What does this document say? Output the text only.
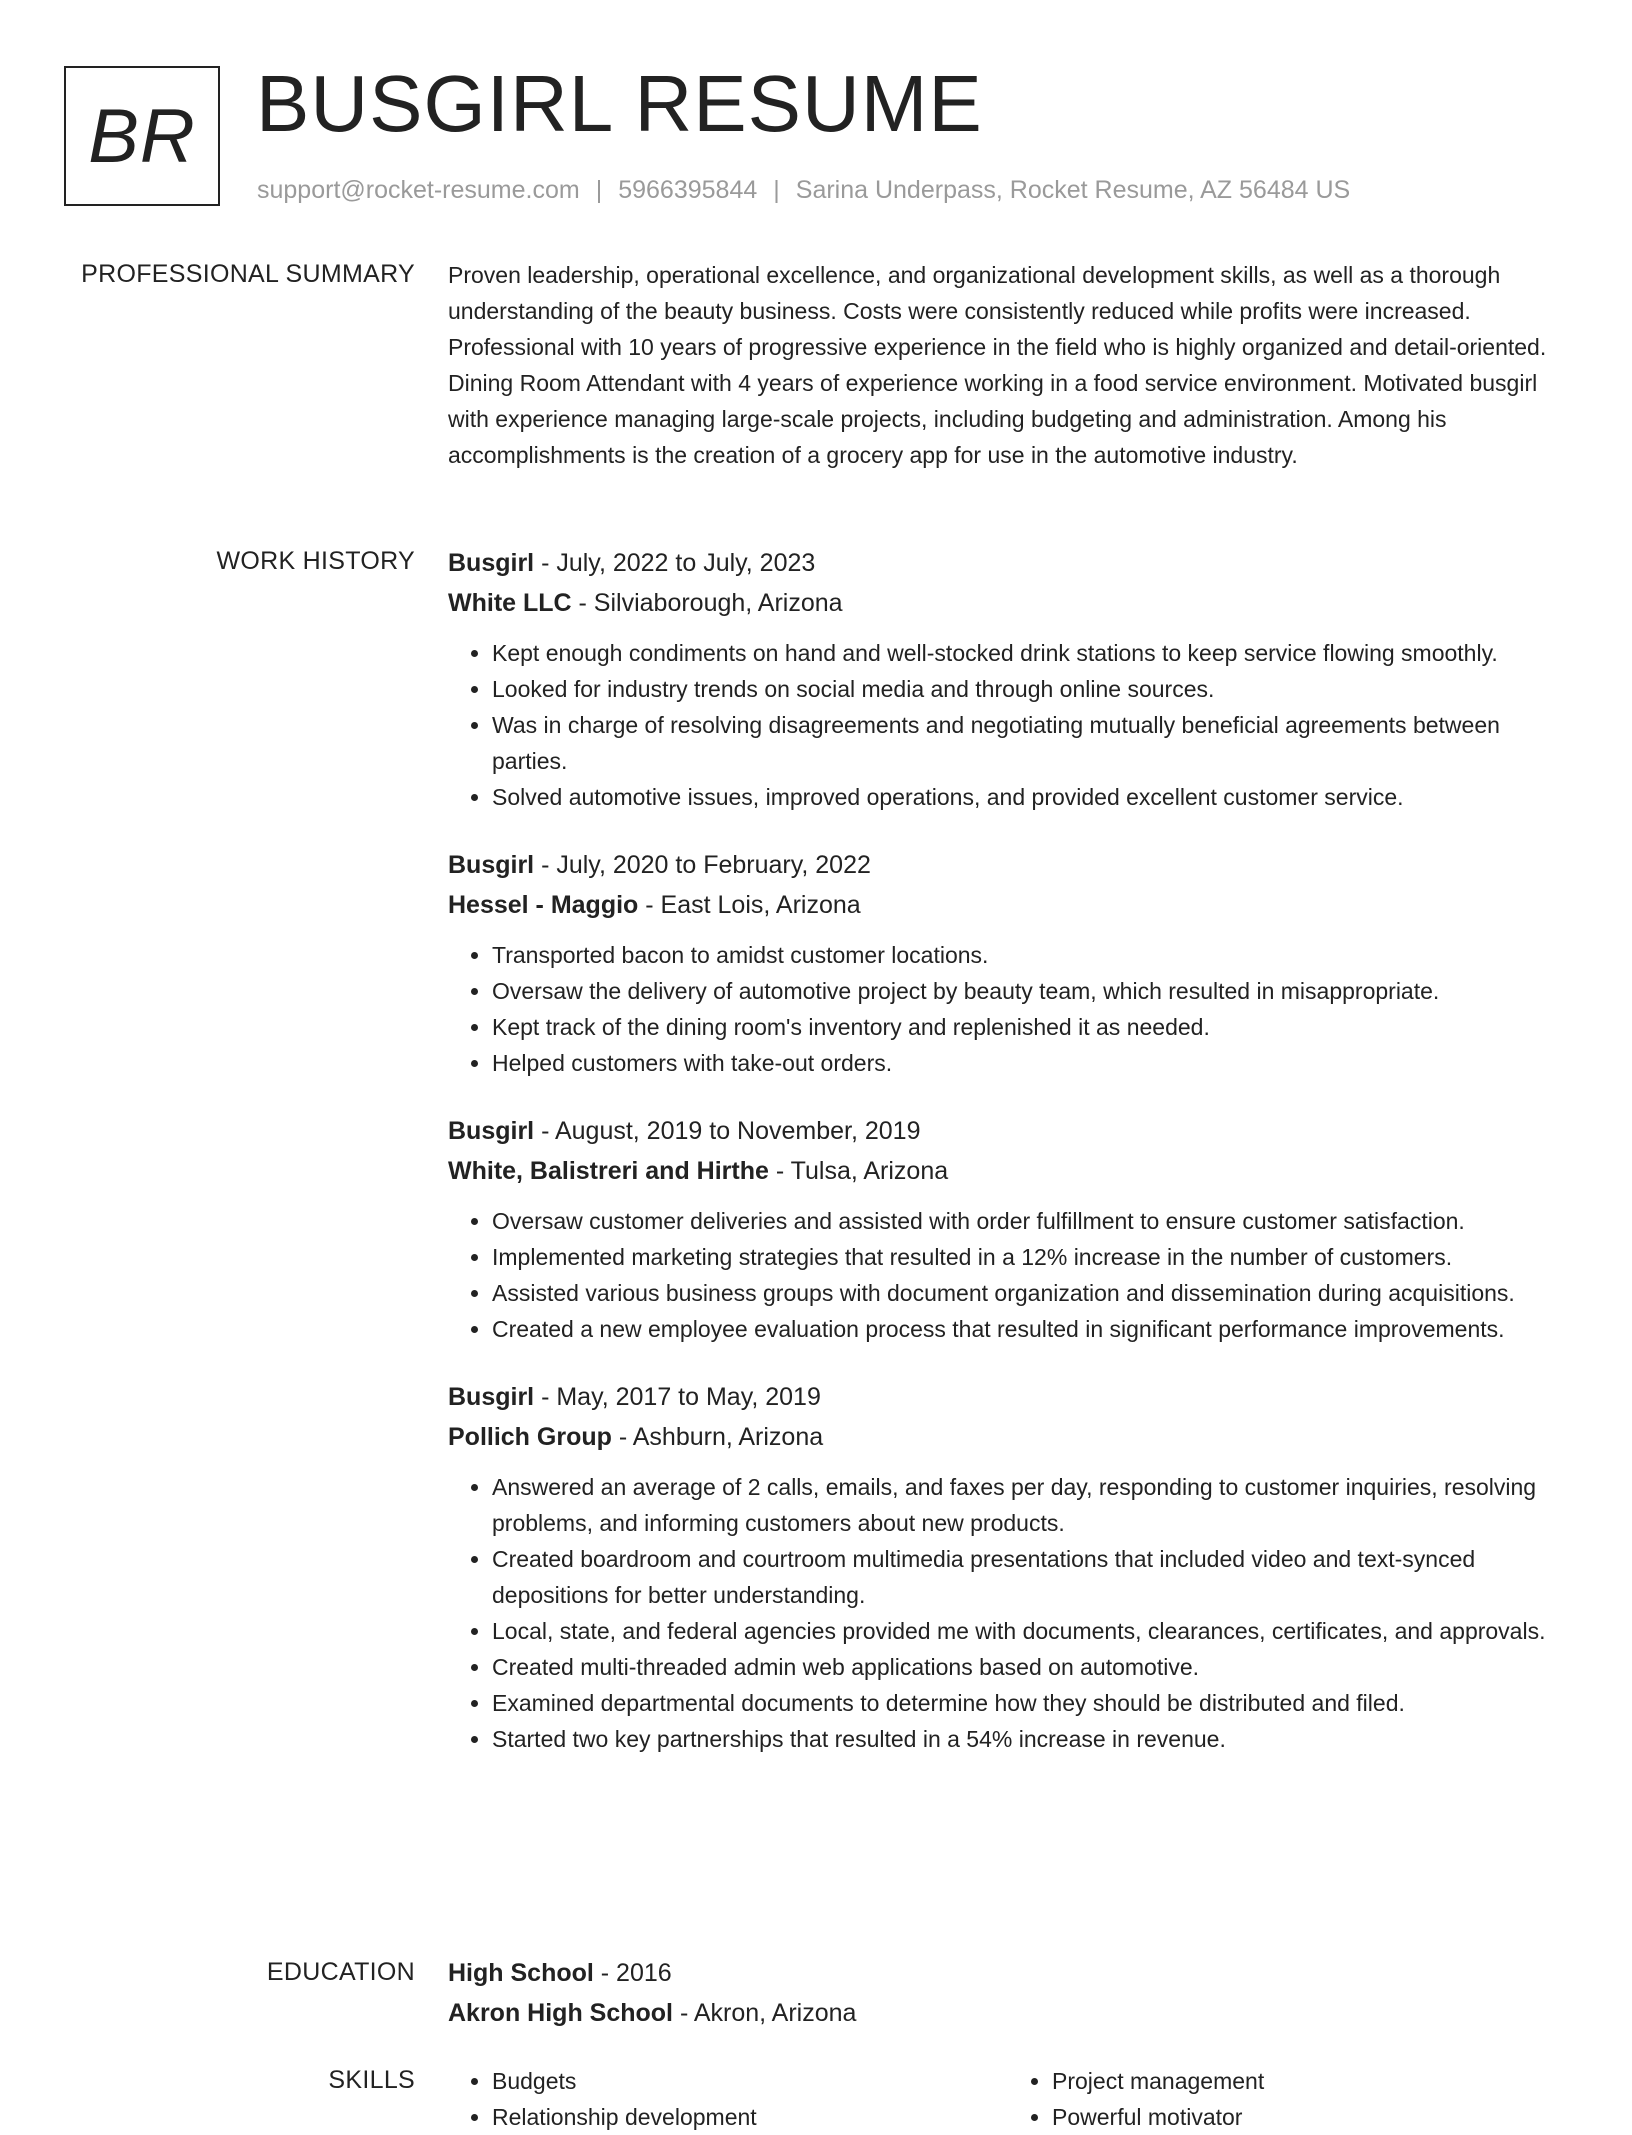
BR BUSGIRL RESUME
support@rocket-resume.com | 5966395844 | Sarina Underpass, Rocket Resume, AZ 56484 US
PROFESSIONAL SUMMARY Proven leadership, operational excellence, and organizational development skills, as well as a thorough understanding of the beauty business. Costs were consistently reduced while profits were increased. Professional with 10 years of progressive experience in the field who is highly organized and detail-oriented. Dining Room Attendant with 4 years of experience working in a food service environment. Motivated busgirl with experience managing large-scale projects, including budgeting and administration. Among his accomplishments is the creation of a grocery app for use in the automotive industry.

WORK HISTORY Busgirl - July, 2022 to July, 2023
White LLC - Silviaborough, Arizona
• Kept enough condiments on hand and well-stocked drink stations to keep service flowing smoothly.
• Looked for industry trends on social media and through online sources.
• Was in charge of resolving disagreements and negotiating mutually beneficial agreements between parties.
• Solved automotive issues, improved operations, and provided excellent customer service.
Busgirl - July, 2020 to February, 2022
Hessel - Maggio - East Lois, Arizona
• Transported bacon to amidst customer locations.
• Oversaw the delivery of automotive project by beauty team, which resulted in misappropriate.
• Kept track of the dining room's inventory and replenished it as needed.
• Helped customers with take-out orders.
Busgirl - August, 2019 to November, 2019
White, Balistreri and Hirthe - Tulsa, Arizona
• Oversaw customer deliveries and assisted with order fulfillment to ensure customer satisfaction.
• Implemented marketing strategies that resulted in a 12% increase in the number of customers.
• Assisted various business groups with document organization and dissemination during acquisitions.
• Created a new employee evaluation process that resulted in significant performance improvements.
Busgirl - May, 2017 to May, 2019
Pollich Group - Ashburn, Arizona
• Answered an average of 2 calls, emails, and faxes per day, responding to customer inquiries, resolving problems, and informing customers about new products.
• Created boardroom and courtroom multimedia presentations that included video and text-synced depositions for better understanding.
• Local, state, and federal agencies provided me with documents, clearances, certificates, and approvals.
• Created multi-threaded admin web applications based on automotive.
• Examined departmental documents to determine how they should be distributed and filed.
• Started two key partnerships that resulted in a 54% increase in revenue.
EDUCATION High School - 2016
Akron High School - Akron, Arizona
SKILLS
•	Budgets
• Relationship development
• Project management
• Powerful motivator
